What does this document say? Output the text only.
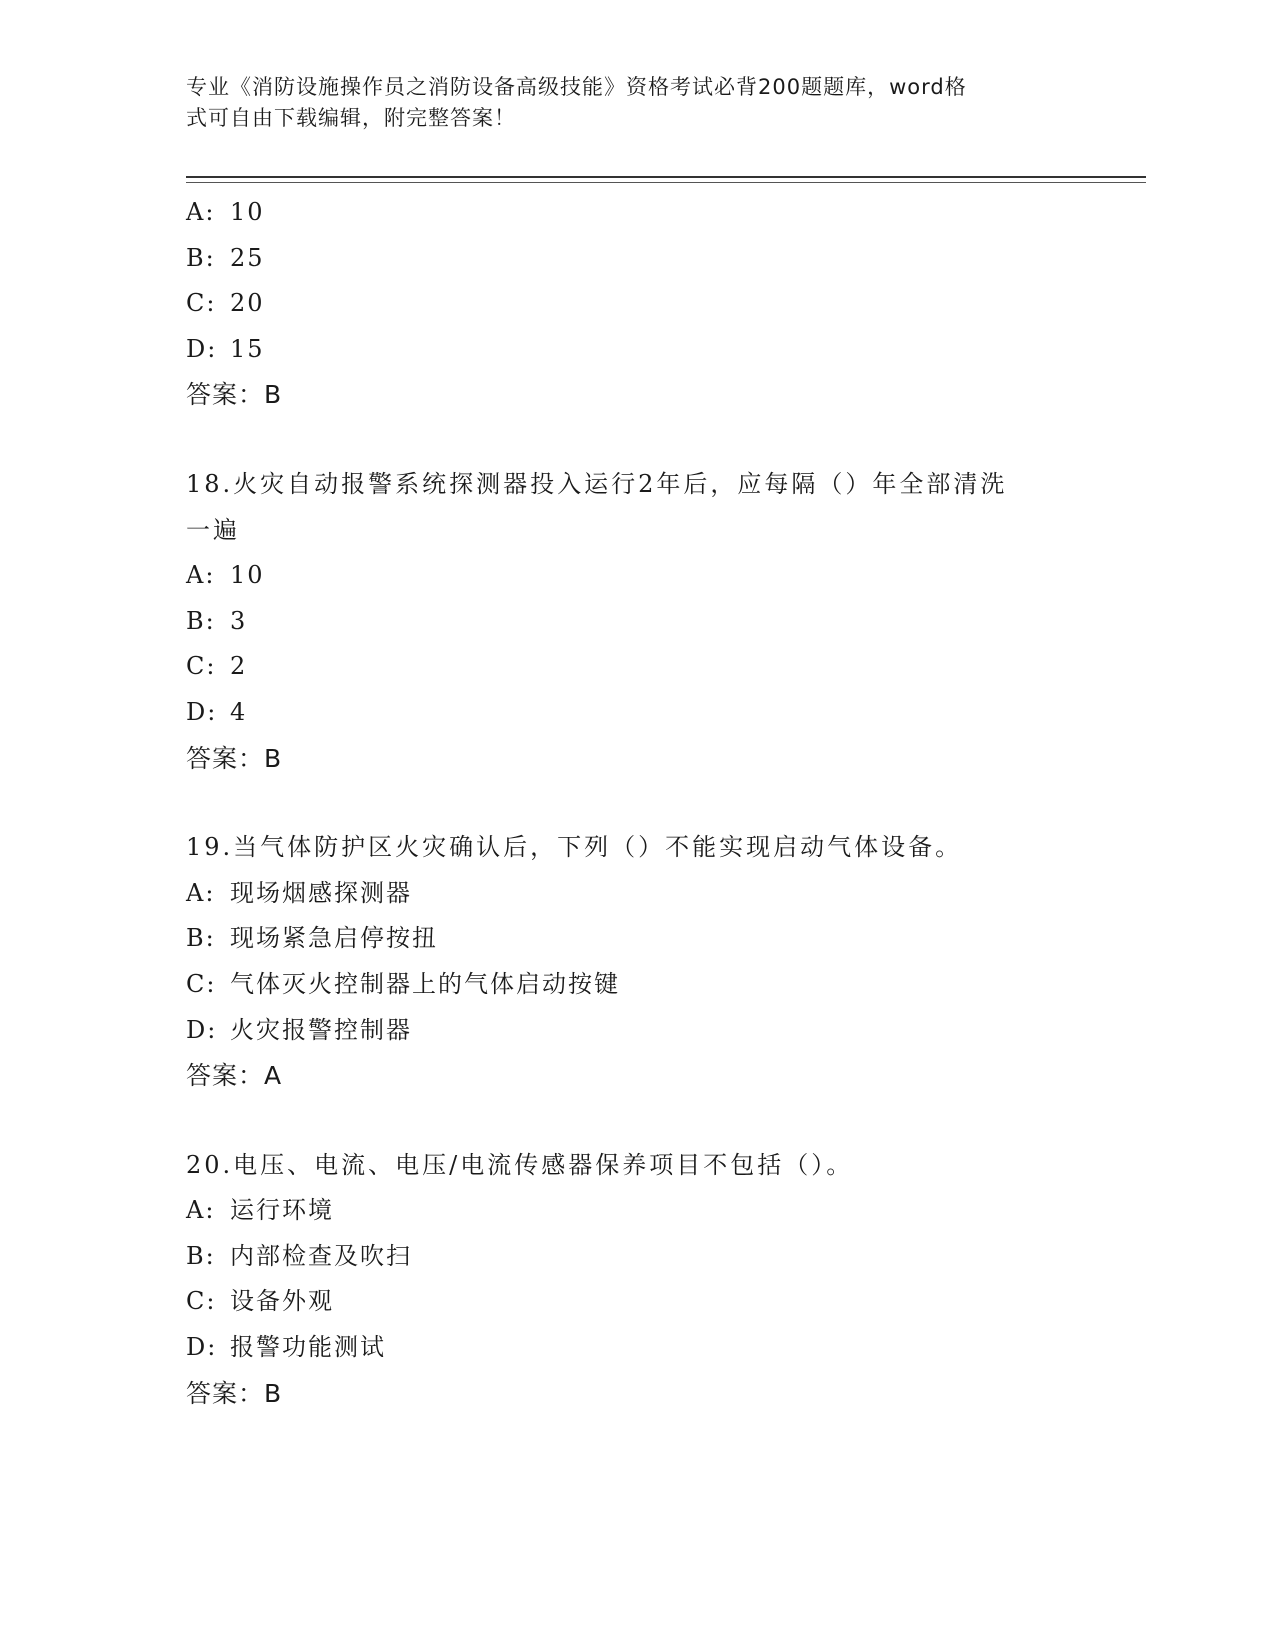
专业《消防设施操作员之消防设备高级技能》资格考试必背200题题库，word格
式可自由下载编辑，附完整答案！
A: 10
B: 25
C: 20
D: 15
答案：B
18.火灾自动报警系统探测器投入运行2年后，应每隔（）年全部清洗
一遍
A: 10
B: 3
C: 2
D: 4
答案：B
19.当气体防护区火灾确认后，下列（）不能实现启动气体设备。
A: 现场烟感探测器
B: 现场紧急启停按扭
C: 气体灭火控制器上的气体启动按键
D: 火灾报警控制器
答案：A
20.电压、电流、电压/电流传感器保养项目不包括（）。
A: 运行环境
B: 内部检查及吹扫
C: 设备外观
D: 报警功能测试
答案：B
